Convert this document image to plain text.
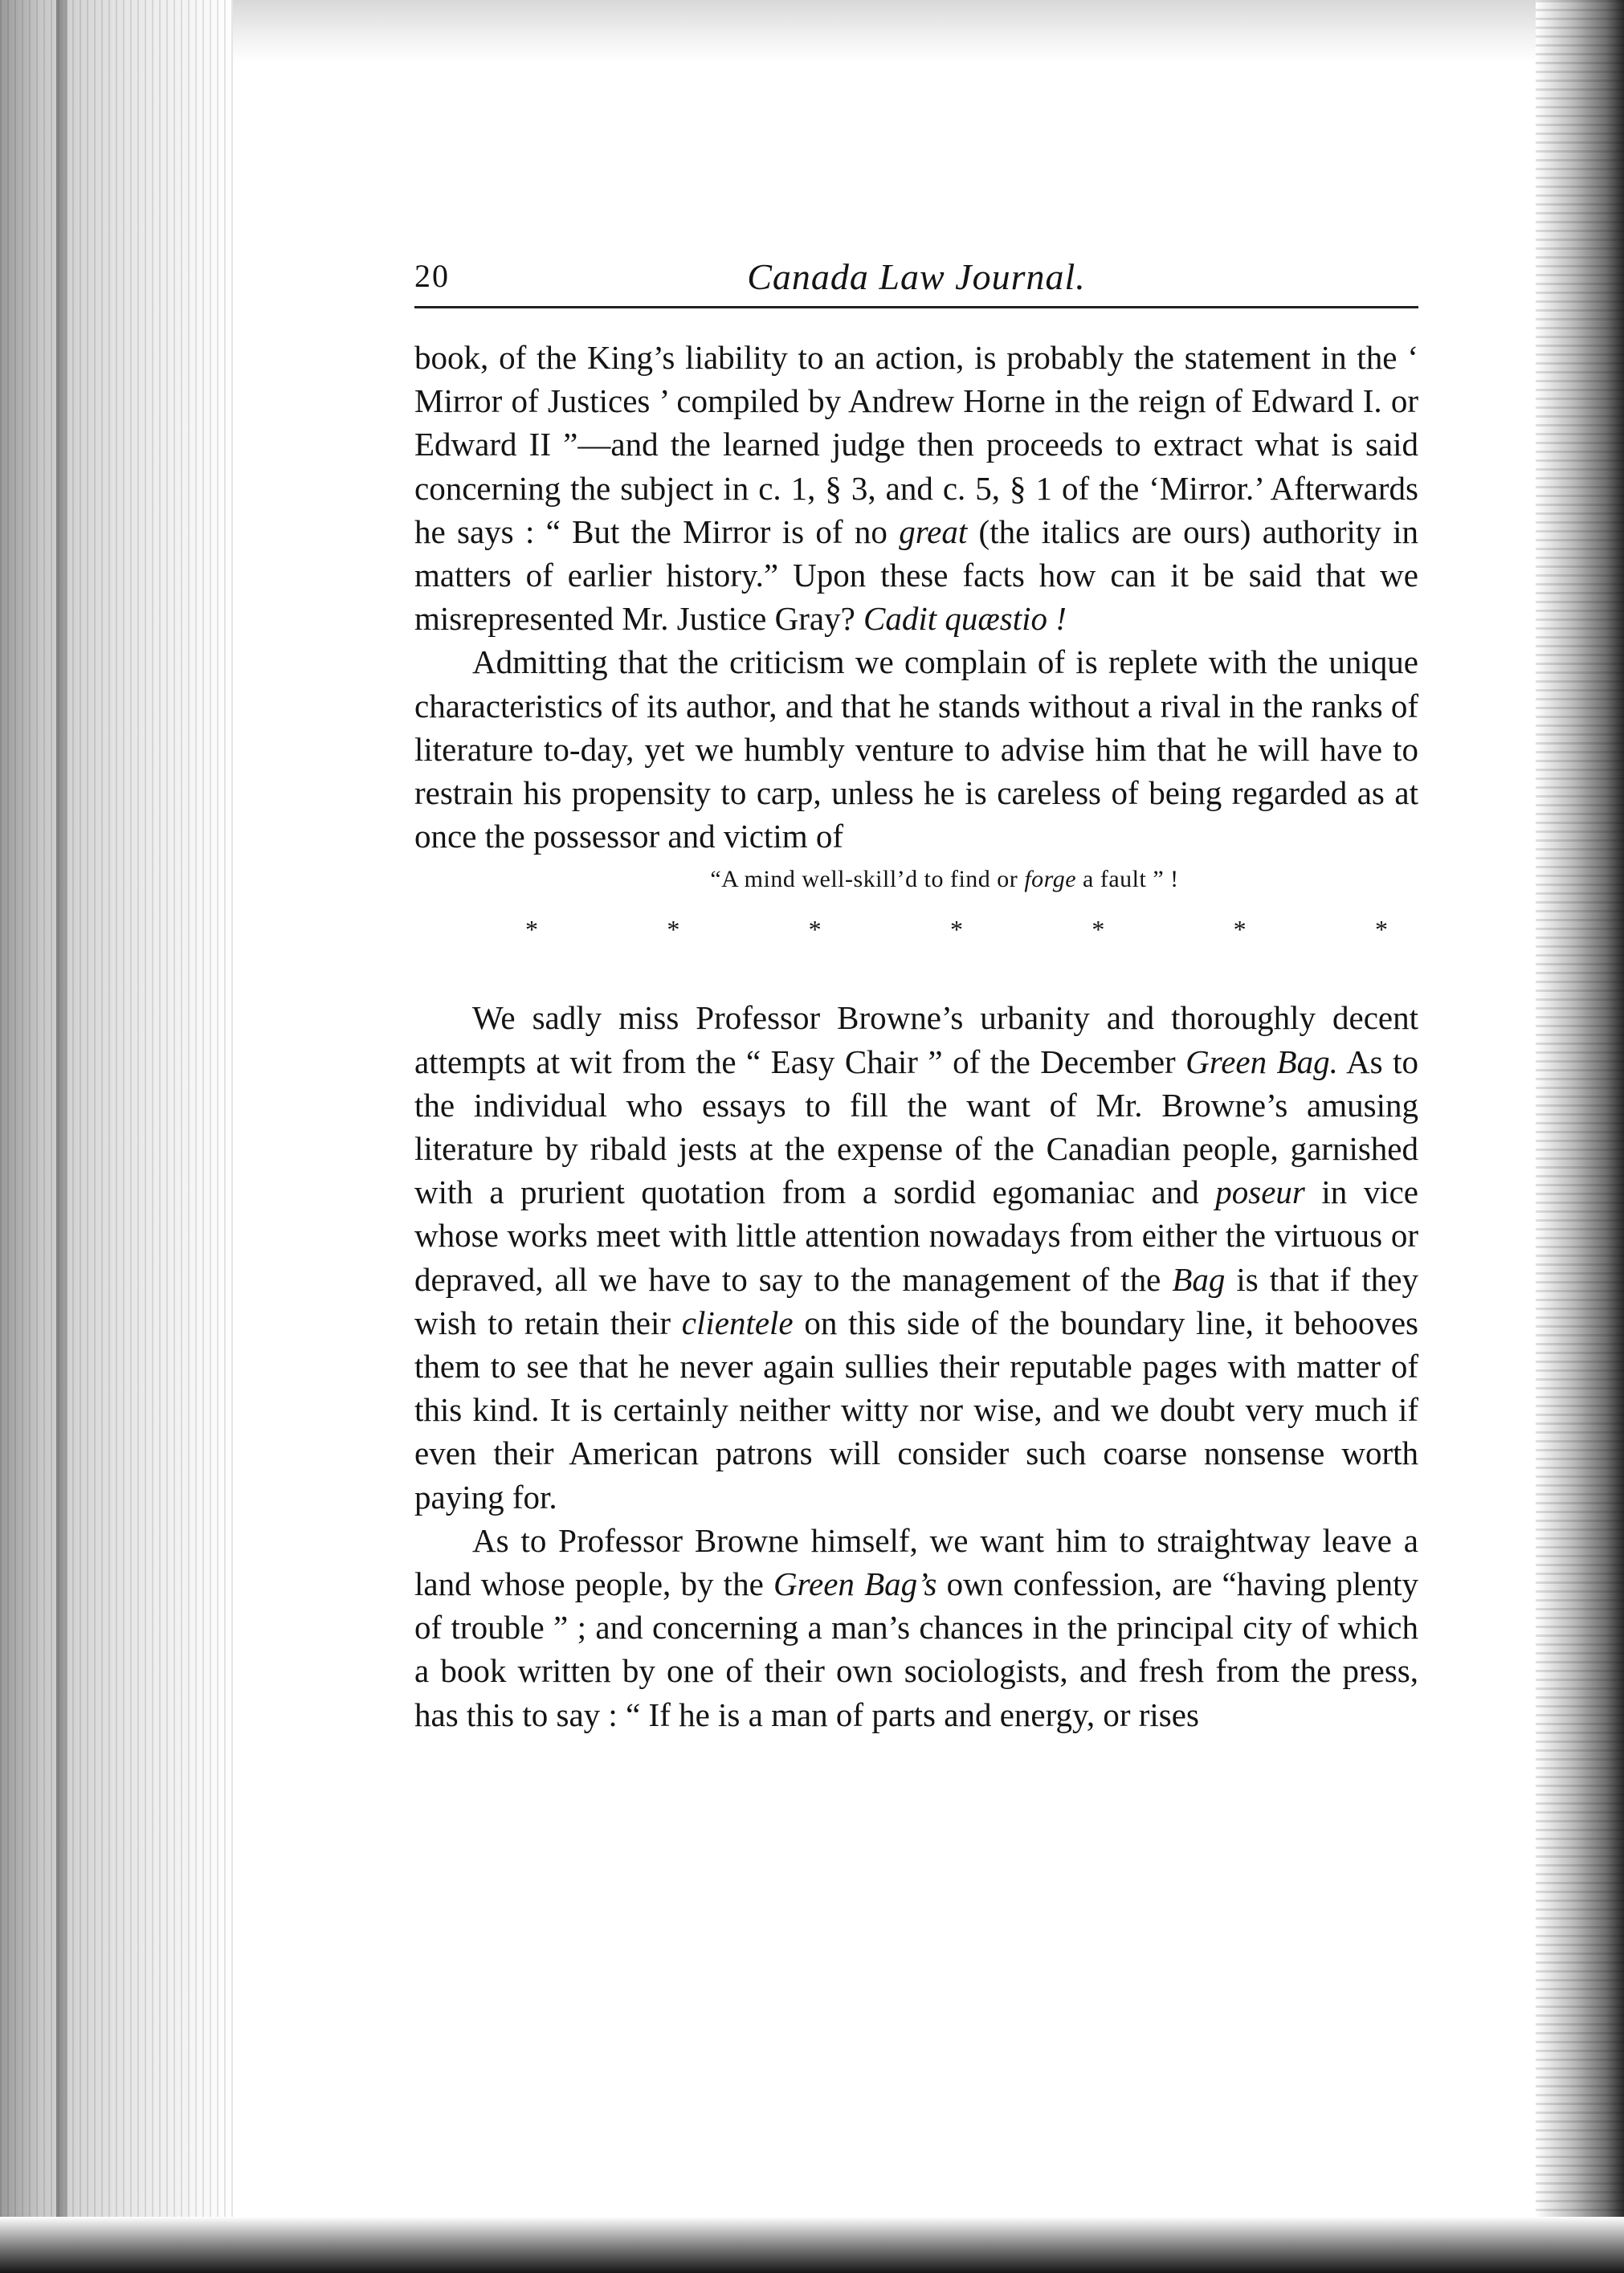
20	Canada Law Journal.

book, of the King’s liability to an action, is probably the statement in the ‘ Mirror of Justices ’ compiled by Andrew Horne in the reign of Edward I. or Edward II ”—and the learned judge then proceeds to extract what is said concerning the subject in c. 1, § 3, and c. 5, § 1 of the ‘Mirror.’ Afterwards he says : “ But the Mirror is of no great (the italics are ours) authority in matters of earlier history.” Upon these facts how can it be said that we misrepresented Mr. Justice Gray? Cadit quæstio !

Admitting that the criticism we complain of is replete with the unique characteristics of its author, and that he stands without a rival in the ranks of literature to-day, yet we humbly venture to advise him that he will have to restrain his propensity to carp, unless he is careless of being regarded as at once the possessor and victim of

“A mind well-skill’d to find or forge a fault ” !

*	*	*	*	*	*	*

We sadly miss Professor Browne’s urbanity and thoroughly decent attempts at wit from the “ Easy Chair ” of the December Green Bag. As to the individual who essays to fill the want of Mr. Browne’s amusing literature by ribald jests at the expense of the Canadian people, garnished with a prurient quotation from a sordid egomaniac and poseur in vice whose works meet with little attention nowadays from either the virtuous or depraved, all we have to say to the management of the Bag is that if they wish to retain their clientele on this side of the boundary line, it behooves them to see that he never again sullies their reputable pages with matter of this kind. It is certainly neither witty nor wise, and we doubt very much if even their American patrons will consider such coarse nonsense worth paying for.

As to Professor Browne himself, we want him to straightway leave a land whose people, by the Green Bag’s own confession, are “having plenty of trouble ” ; and concerning a man’s chances in the principal city of which a book written by one of their own sociologists, and fresh from the press, has this to say : “ If he is a man of parts and energy, or rises
